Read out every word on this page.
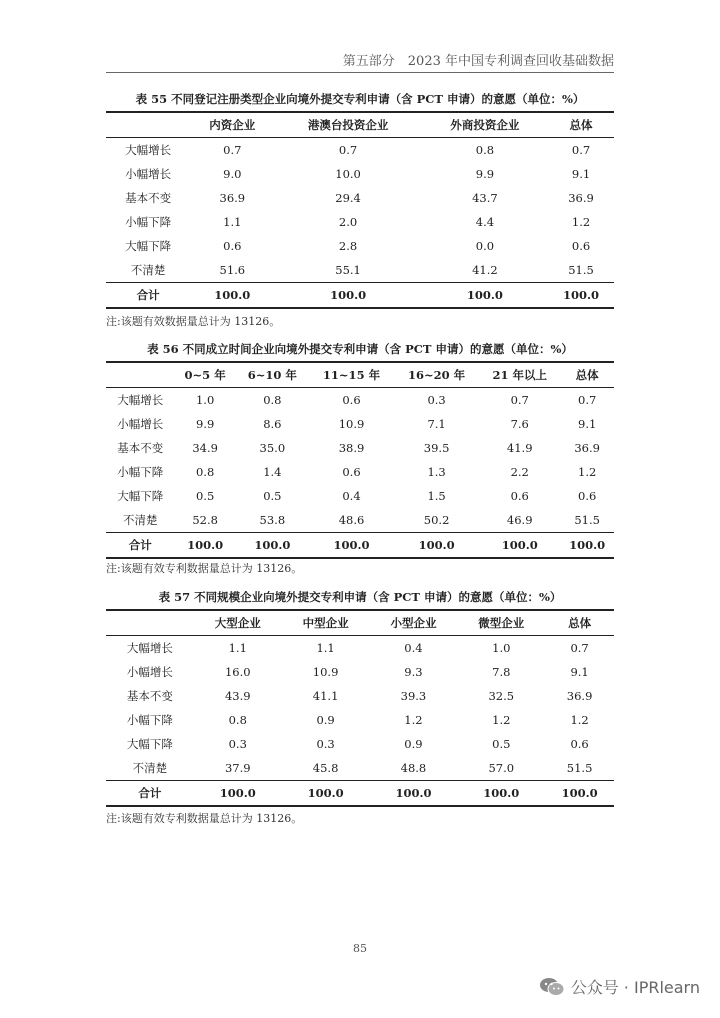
第五部分　2023 年中国专利调查回收基础数据
表 55 不同登记注册类型企业向境外提交专利申请（含 PCT 申请）的意愿（单位：%）
	内资企业	港澳台投资企业	外商投资企业	总体
大幅增长	0.7	0.7	0.8	0.7
小幅增长	9.0	10.0	9.9	9.1
基本不变	36.9	29.4	43.7	36.9
小幅下降	1.1	2.0	4.4	1.2
大幅下降	0.6	2.8	0.0	0.6
不清楚	51.6	55.1	41.2	51.5
合计	100.0	100.0	100.0	100.0
注:该题有效数据量总计为 13126。
表 56 不同成立时间企业向境外提交专利申请（含 PCT 申请）的意愿（单位：%）
	0~5 年	6~10 年	11~15 年	16~20 年	21 年以上	总体
大幅增长	1.0	0.8	0.6	0.3	0.7	0.7
小幅增长	9.9	8.6	10.9	7.1	7.6	9.1
基本不变	34.9	35.0	38.9	39.5	41.9	36.9
小幅下降	0.8	1.4	0.6	1.3	2.2	1.2
大幅下降	0.5	0.5	0.4	1.5	0.6	0.6
不清楚	52.8	53.8	48.6	50.2	46.9	51.5
合计	100.0	100.0	100.0	100.0	100.0	100.0
注:该题有效专利数据量总计为 13126。
表 57 不同规模企业向境外提交专利申请（含 PCT 申请）的意愿（单位：%）
	大型企业	中型企业	小型企业	微型企业	总体
大幅增长	1.1	1.1	0.4	1.0	0.7
小幅增长	16.0	10.9	9.3	7.8	9.1
基本不变	43.9	41.1	39.3	32.5	36.9
小幅下降	0.8	0.9	1.2	1.2	1.2
大幅下降	0.3	0.3	0.9	0.5	0.6
不清楚	37.9	45.8	48.8	57.0	51.5
合计	100.0	100.0	100.0	100.0	100.0
注:该题有效专利数据量总计为 13126。
85
公众号 · IPRlearn
